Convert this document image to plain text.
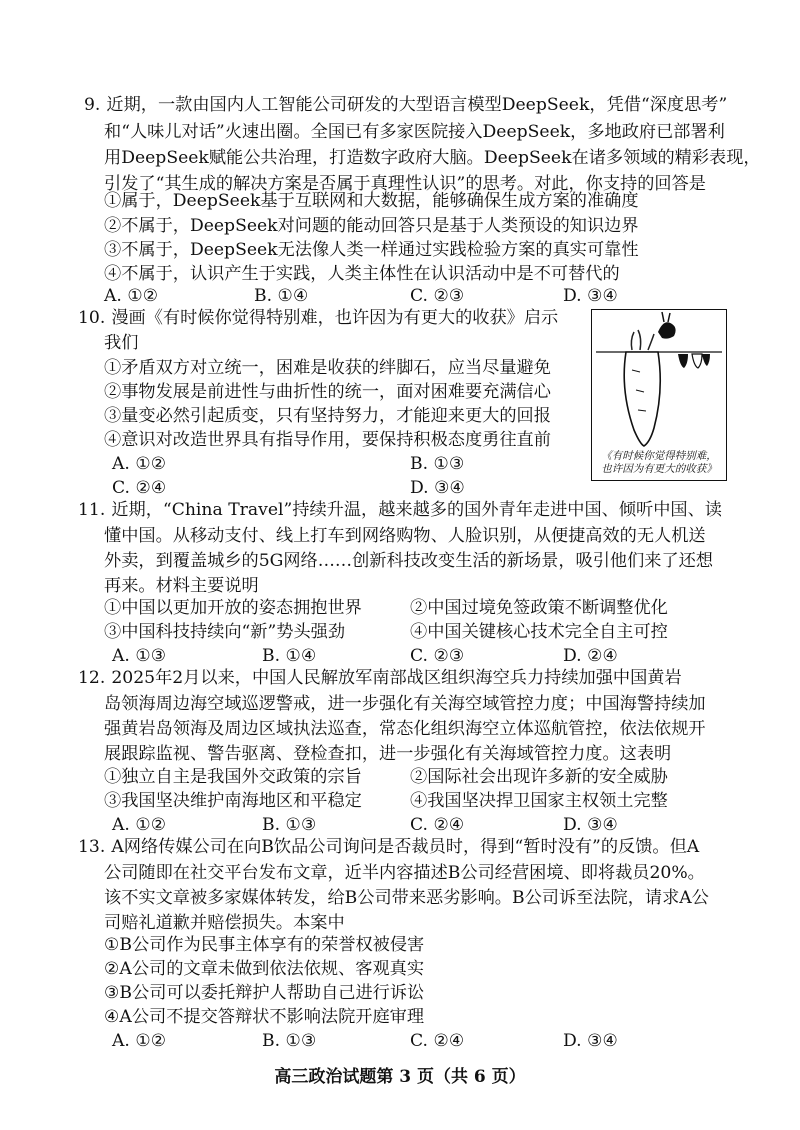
9. 近期，一款由国内人工智能公司研发的大型语言模型DeepSeek，凭借“深度思考”
和“人味儿对话”火速出圈。全国已有多家医院接入DeepSeek，多地政府已部署利
用DeepSeek赋能公共治理，打造数字政府大脑。DeepSeek在诸多领域的精彩表现，
引发了“其生成的解决方案是否属于真理性认识”的思考。对此，你支持的回答是
①属于，DeepSeek基于互联网和大数据，能够确保生成方案的准确度
②不属于，DeepSeek对问题的能动回答只是基于人类预设的知识边界
③不属于，DeepSeek无法像人类一样通过实践检验方案的真实可靠性
④不属于，认识产生于实践，人类主体性在认识活动中是不可替代的
A. ①②	B. ①④	C. ②③	D. ③④
10. 漫画《有时候你觉得特别难，也许因为有更大的收获》启示
我们
①矛盾双方对立统一，困难是收获的绊脚石，应当尽量避免
②事物发展是前进性与曲折性的统一，面对困难要充满信心
③量变必然引起质变，只有坚持努力，才能迎来更大的回报
④意识对改造世界具有指导作用，要保持积极态度勇往直前
A. ①②	B. ①③
C. ②④	D. ③④
《有时候你觉得特别难，
也许因为有更大的收获》
11. 近期，“China Travel”持续升温，越来越多的国外青年走进中国、倾听中国、读
懂中国。从移动支付、线上打车到网络购物、人脸识别，从便捷高效的无人机送
外卖，到覆盖城乡的5G网络……创新科技改变生活的新场景，吸引他们来了还想
再来。材料主要说明
①中国以更加开放的姿态拥抱世界	②中国过境免签政策不断调整优化
③中国科技持续向“新”势头强劲	④中国关键核心技术完全自主可控
A. ①③	B. ①④	C. ②③	D. ②④
12. 2025年2月以来，中国人民解放军南部战区组织海空兵力持续加强中国黄岩
岛领海周边海空域巡逻警戒，进一步强化有关海空域管控力度；中国海警持续加
强黄岩岛领海及周边区域执法巡查，常态化组织海空立体巡航管控，依法依规开
展跟踪监视、警告驱离、登检查扣，进一步强化有关海域管控力度。这表明
①独立自主是我国外交政策的宗旨	②国际社会出现许多新的安全威胁
③我国坚决维护南海地区和平稳定	④我国坚决捍卫国家主权领土完整
A. ①②	B. ①③	C. ②④	D. ③④
13. A网络传媒公司在向B饮品公司询问是否裁员时，得到“暂时没有”的反馈。但A
公司随即在社交平台发布文章，近半内容描述B公司经营困境、即将裁员20%。
该不实文章被多家媒体转发，给B公司带来恶劣影响。B公司诉至法院，请求A公
司赔礼道歉并赔偿损失。本案中
①B公司作为民事主体享有的荣誉权被侵害
②A公司的文章未做到依法依规、客观真实
③B公司可以委托辩护人帮助自己进行诉讼
④A公司不提交答辩状不影响法院开庭审理
A. ①②	B. ①③	C. ②④	D. ③④
高三政治试题第 3 页（共 6 页）
